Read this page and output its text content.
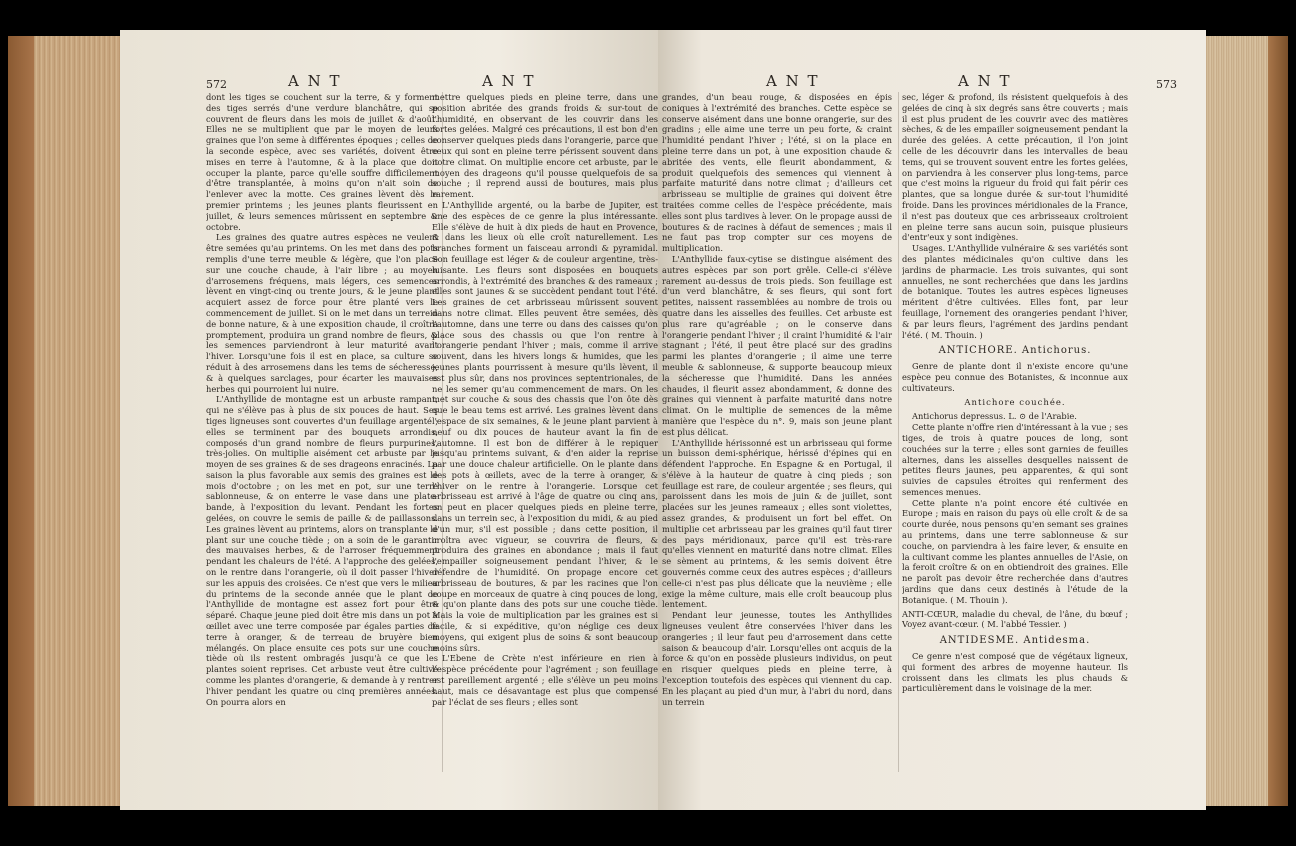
572	A N T	A N T

dont les tiges se couchent sur la terre, & y forment des tiges serrés d'une verdure blanchâtre, qui se couvrent de fleurs dans les mois de juillet & d'août. Elles ne se multiplient que par le moyen de leurs graines que l'on seme à différentes époques ; celles de la seconde espèce, avec ses variétés, doivent être mises en terre à l'automne, & à la place que doit occuper la plante, parce qu'elle souffre difficilement d'être transplantée, à moins qu'on n'ait soin de l'enlever avec la motte. Ces graines lèvent dès le premier printems ; les jeunes plants fleurissent en juillet, & leurs semences mûrissent en septembre & octobre.

Les graines des quatre autres espèces ne veulent être semées qu'au printems. On les met dans des pots remplis d'une terre meuble & légère, que l'on place sur une couche chaude, à l'air libre ; au moyen d'arrosemens fréquens, mais légers, ces semences lèvent en vingt-cinq ou trente jours, & le jeune plant acquiert assez de force pour être planté vers le commencement de juillet. Si on le met dans un terrein de bonne nature, & à une exposition chaude, il croîtra promptement, produira un grand nombre de fleurs, & les semences parviendront à leur maturité avant l'hiver. Lorsqu'une fois il est en place, sa culture se réduit à des arrosemens dans les tems de sécheresse, & à quelques sarclages, pour écarter les mauvaises herbes qui pourroient lui nuire.

L'Anthyllide de montagne est un arbuste rampant, qui ne s'élève pas à plus de six pouces de haut. Ses tiges ligneuses sont couvertes d'un feuillage argenté ; elles se terminent par des bouquets arrondis, composés d'un grand nombre de fleurs purpurines, très-jolies. On multiplie aisément cet arbuste par le moyen de ses graines & de ses drageons enracinés. La saison la plus favorable aux semis des graines est le mois d'octobre ; on les met en pot, sur une terre sablonneuse, & on enterre le vase dans une plate-bande, à l'exposition du levant. Pendant les fortes gelées, on couvre le semis de paille & de paillassons. Les graines lèvent au printems, alors on transplante le plant sur une couche tiède ; on a soin de le garantir des mauvaises herbes, & de l'arroser fréquemment pendant les chaleurs de l'été. A l'approche des gelées, on le rentre dans l'orangerie, où il doit passer l'hiver sur les appuis des croisées. Ce n'est que vers le milieu du printems de la seconde année que le plant de l'Anthyllide de montagne est assez fort pour être séparé. Chaque jeune pied doit être mis dans un pot à œillet avec une terre composée par égales parties de terre à oranger, & de terreau de bruyère bien mélangés. On place ensuite ces pots sur une couche tiède où ils restent ombragés jusqu'à ce que les plantes soient reprises. Cet arbuste veut être cultivé comme les plantes d'orangerie, & demande à y rentrer l'hiver pendant les quatre ou cinq premières années. On pourra alors en

mettre quelques pieds en pleine terre, dans une position abritée des grands froids & sur-tout de l'humidité, en observant de les couvrir dans les fortes gelées. Malgré ces précautions, il est bon d'en conserver quelques pieds dans l'orangerie, parce que ceux qui sont en pleine terre périssent souvent dans notre climat. On multiplie encore cet arbuste, par le moyen des drageons qu'il pousse quelquefois de sa souche ; il reprend aussi de boutures, mais plus rarement.

L'Anthyllide argenté, ou la barbe de Jupiter, est une des espèces de ce genre la plus intéressante. Elle s'élève de huit à dix pieds de haut en Provence, & dans les lieux où elle croît naturellement. Les branches forment un faisceau arrondi & pyramidal. Son feuillage est léger & de couleur argentine, très-luisante. Les fleurs sont disposées en bouquets arrondis, à l'extrémité des branches & des rameaux ; elles sont jaunes & se succèdent pendant tout l'été. Les graines de cet arbrisseau mûrissent souvent dans notre climat. Elles peuvent être semées, dès l'automne, dans une terre ou dans des caisses qu'on place sous des chassis ou que l'on rentre à l'orangerie pendant l'hiver ; mais, comme il arrive souvent, dans les hivers longs & humides, que les jeunes plants pourrissent à mesure qu'ils lèvent, il est plus sûr, dans nos provinces septentrionales, de ne les semer qu'au commencement de mars. On les met sur couche & sous des chassis que l'on ôte dès que le beau tems est arrivé. Les graines lèvent dans l'espace de six semaines, & le jeune plant parvient à neuf ou dix pouces de hauteur avant la fin de l'automne. Il est bon de différer à le repiquer jusqu'au printems suivant, & d'en aider la reprise par une douce chaleur artificielle. On le plante dans des pots à œillets, avec de la terre à oranger, & l'hiver on le rentre à l'orangerie. Lorsque cet arbrisseau est arrivé à l'âge de quatre ou cinq ans, on peut en placer quelques pieds en pleine terre, dans un terrein sec, à l'exposition du midi, & au pied d'un mur, s'il est possible ; dans cette position, il croîtra avec vigueur, se couvrira de fleurs, & produira des graines en abondance ; mais il faut l'empailler soigneusement pendant l'hiver, & le défendre de l'humidité. On propage encore cet arbrisseau de boutures, & par les racines que l'on coupe en morceaux de quatre à cinq pouces de long, & qu'on plante dans des pots sur une couche tiède. Mais la voie de multiplication par les graines est si facile, & si expéditive, qu'on néglige ces deux moyens, qui exigent plus de soins & sont beaucoup moins sûrs.

L'Ebene de Crète n'est inférieure en rien à l'espèce précédente pour l'agrément ; son feuillage est pareillement argenté ; elle s'élève un peu moins haut, mais ce désavantage est plus que compensé par l'éclat de ses fleurs ; elles sont

A N T	A N T	573

grandes, d'un beau rouge, & disposées en épis coniques à l'extrémité des branches. Cette espèce se conserve aisément dans une bonne orangerie, sur des gradins ; elle aime une terre un peu forte, & craint l'humidité pendant l'hiver ; l'été, si on la place en pleine terre dans un pot, à une exposition chaude & abritée des vents, elle fleurit abondamment, & produit quelquefois des semences qui viennent à parfaite maturité dans notre climat ; d'ailleurs cet arbrisseau se multiplie de graines qui doivent être traitées comme celles de l'espèce précédente, mais elles sont plus tardives à lever. On le propage aussi de boutures & de racines à défaut de semences ; mais il ne faut pas trop compter sur ces moyens de multiplication.

L'Anthyllide faux-cytise se distingue aisément des autres espèces par son port grêle. Celle-ci s'élève rarement au-dessus de trois pieds. Son feuillage est d'un verd blanchâtre, & ses fleurs, qui sont fort petites, naissent rassemblées au nombre de trois ou quatre dans les aisselles des feuilles. Cet arbuste est plus rare qu'agréable ; on le conserve dans l'orangerie pendant l'hiver ; il craint l'humidité & l'air stagnant ; l'été, il peut être placé sur des gradins parmi les plantes d'orangerie ; il aime une terre meuble & sablonneuse, & supporte beaucoup mieux la sécheresse que l'humidité. Dans les années chaudes, il fleurit assez abondamment, & donne des graines qui viennent à parfaite maturité dans notre climat. On le multiplie de semences de la même manière que l'espèce du n°. 9, mais son jeune plant est plus délicat.

L'Anthyllide hérissonné est un arbrisseau qui forme un buisson demi-sphérique, hérissé d'épines qui en défendent l'approche. En Espagne & en Portugal, il s'élève à la hauteur de quatre à cinq pieds ; son feuillage est rare, de couleur argentée ; ses fleurs, qui paroissent dans les mois de juin & de juillet, sont placées sur les jeunes rameaux ; elles sont violettes, assez grandes, & produisent un fort bel effet. On multiplie cet arbrisseau par les graines qu'il faut tirer des pays méridionaux, parce qu'il est très-rare qu'elles viennent en maturité dans notre climat. Elles se sèment au printems, & les semis doivent être gouvernés comme ceux des autres espèces ; d'ailleurs celle-ci n'est pas plus délicate que la neuvième ; elle exige la même culture, mais elle croît beaucoup plus lentement.

Pendant leur jeunesse, toutes les Anthyllides ligneuses veulent être conservées l'hiver dans les orangeries ; il leur faut peu d'arrosement dans cette saison & beaucoup d'air. Lorsqu'elles ont acquis de la force & qu'on en possède plusieurs individus, on peut en risquer quelques pieds en pleine terre, à l'exception toutefois des espèces qui viennent du cap. En les plaçant au pied d'un mur, à l'abri du nord, dans un terrein

sec, léger & profond, ils résistent quelquefois à des gelées de cinq à six degrés sans être couverts ; mais il est plus prudent de les couvrir avec des matières sèches, & de les empailler soigneusement pendant la durée des gelées. A cette précaution, il l'on joint celle de les découvrir dans les intervalles de beau tems, qui se trouvent souvent entre les fortes gelées, on parviendra à les conserver plus long-tems, parce que c'est moins la rigueur du froid qui fait périr ces plantes, que sa longue durée & sur-tout l'humidité froide. Dans les provinces méridionales de la France, il n'est pas douteux que ces arbrisseaux croîtroient en pleine terre sans aucun soin, puisque plusieurs d'entr'eux y sont indigènes.

Usages. L'Anthyllide vulnéraire & ses variétés sont des plantes médicinales qu'on cultive dans les jardins de pharmacie. Les trois suivantes, qui sont annuelles, ne sont recherchées que dans les jardins de botanique. Toutes les autres espèces ligneuses méritent d'être cultivées. Elles font, par leur feuillage, l'ornement des orangeries pendant l'hiver, & par leurs fleurs, l'agrément des jardins pendant l'été. ( M. Thouin. )

ANTICHORE. Antichorus.

Genre de plante dont il n'existe encore qu'une espèce peu connue des Botanistes, & inconnue aux cultivateurs.

Antichore couchée.

Antichorus depressus. L. ⊙ de l'Arabie.

Cette plante n'offre rien d'intéressant à la vue ; ses tiges, de trois à quatre pouces de long, sont couchées sur la terre ; elles sont garnies de feuilles alternes, dans les aisselles desquelles naissent de petites fleurs jaunes, peu apparentes, & qui sont suivies de capsules étroites qui renferment des semences menues.

Cette plante n'a point encore été cultivée en Europe ; mais en raison du pays où elle croît & de sa courte durée, nous pensons qu'en semant ses graines au printems, dans une terre sablonneuse & sur couche, on parviendra à les faire lever, & ensuite en la cultivant comme les plantes annuelles de l'Asie, on la feroit croître & on en obtiendroit des graines. Elle ne paroît pas devoir être recherchée dans d'autres jardins que dans ceux destinés à l'étude de la Botanique. ( M. Thouin ).

ANTI-CŒUR, maladie du cheval, de l'âne, du bœuf ; Voyez avant-cœur. ( M. l'abbé Tessier. )

ANTIDESME. Antidesma.

Ce genre n'est composé que de végétaux ligneux, qui forment des arbres de moyenne hauteur. Ils croissent dans les climats les plus chauds & particulièrement dans le voisinage de la mer.
